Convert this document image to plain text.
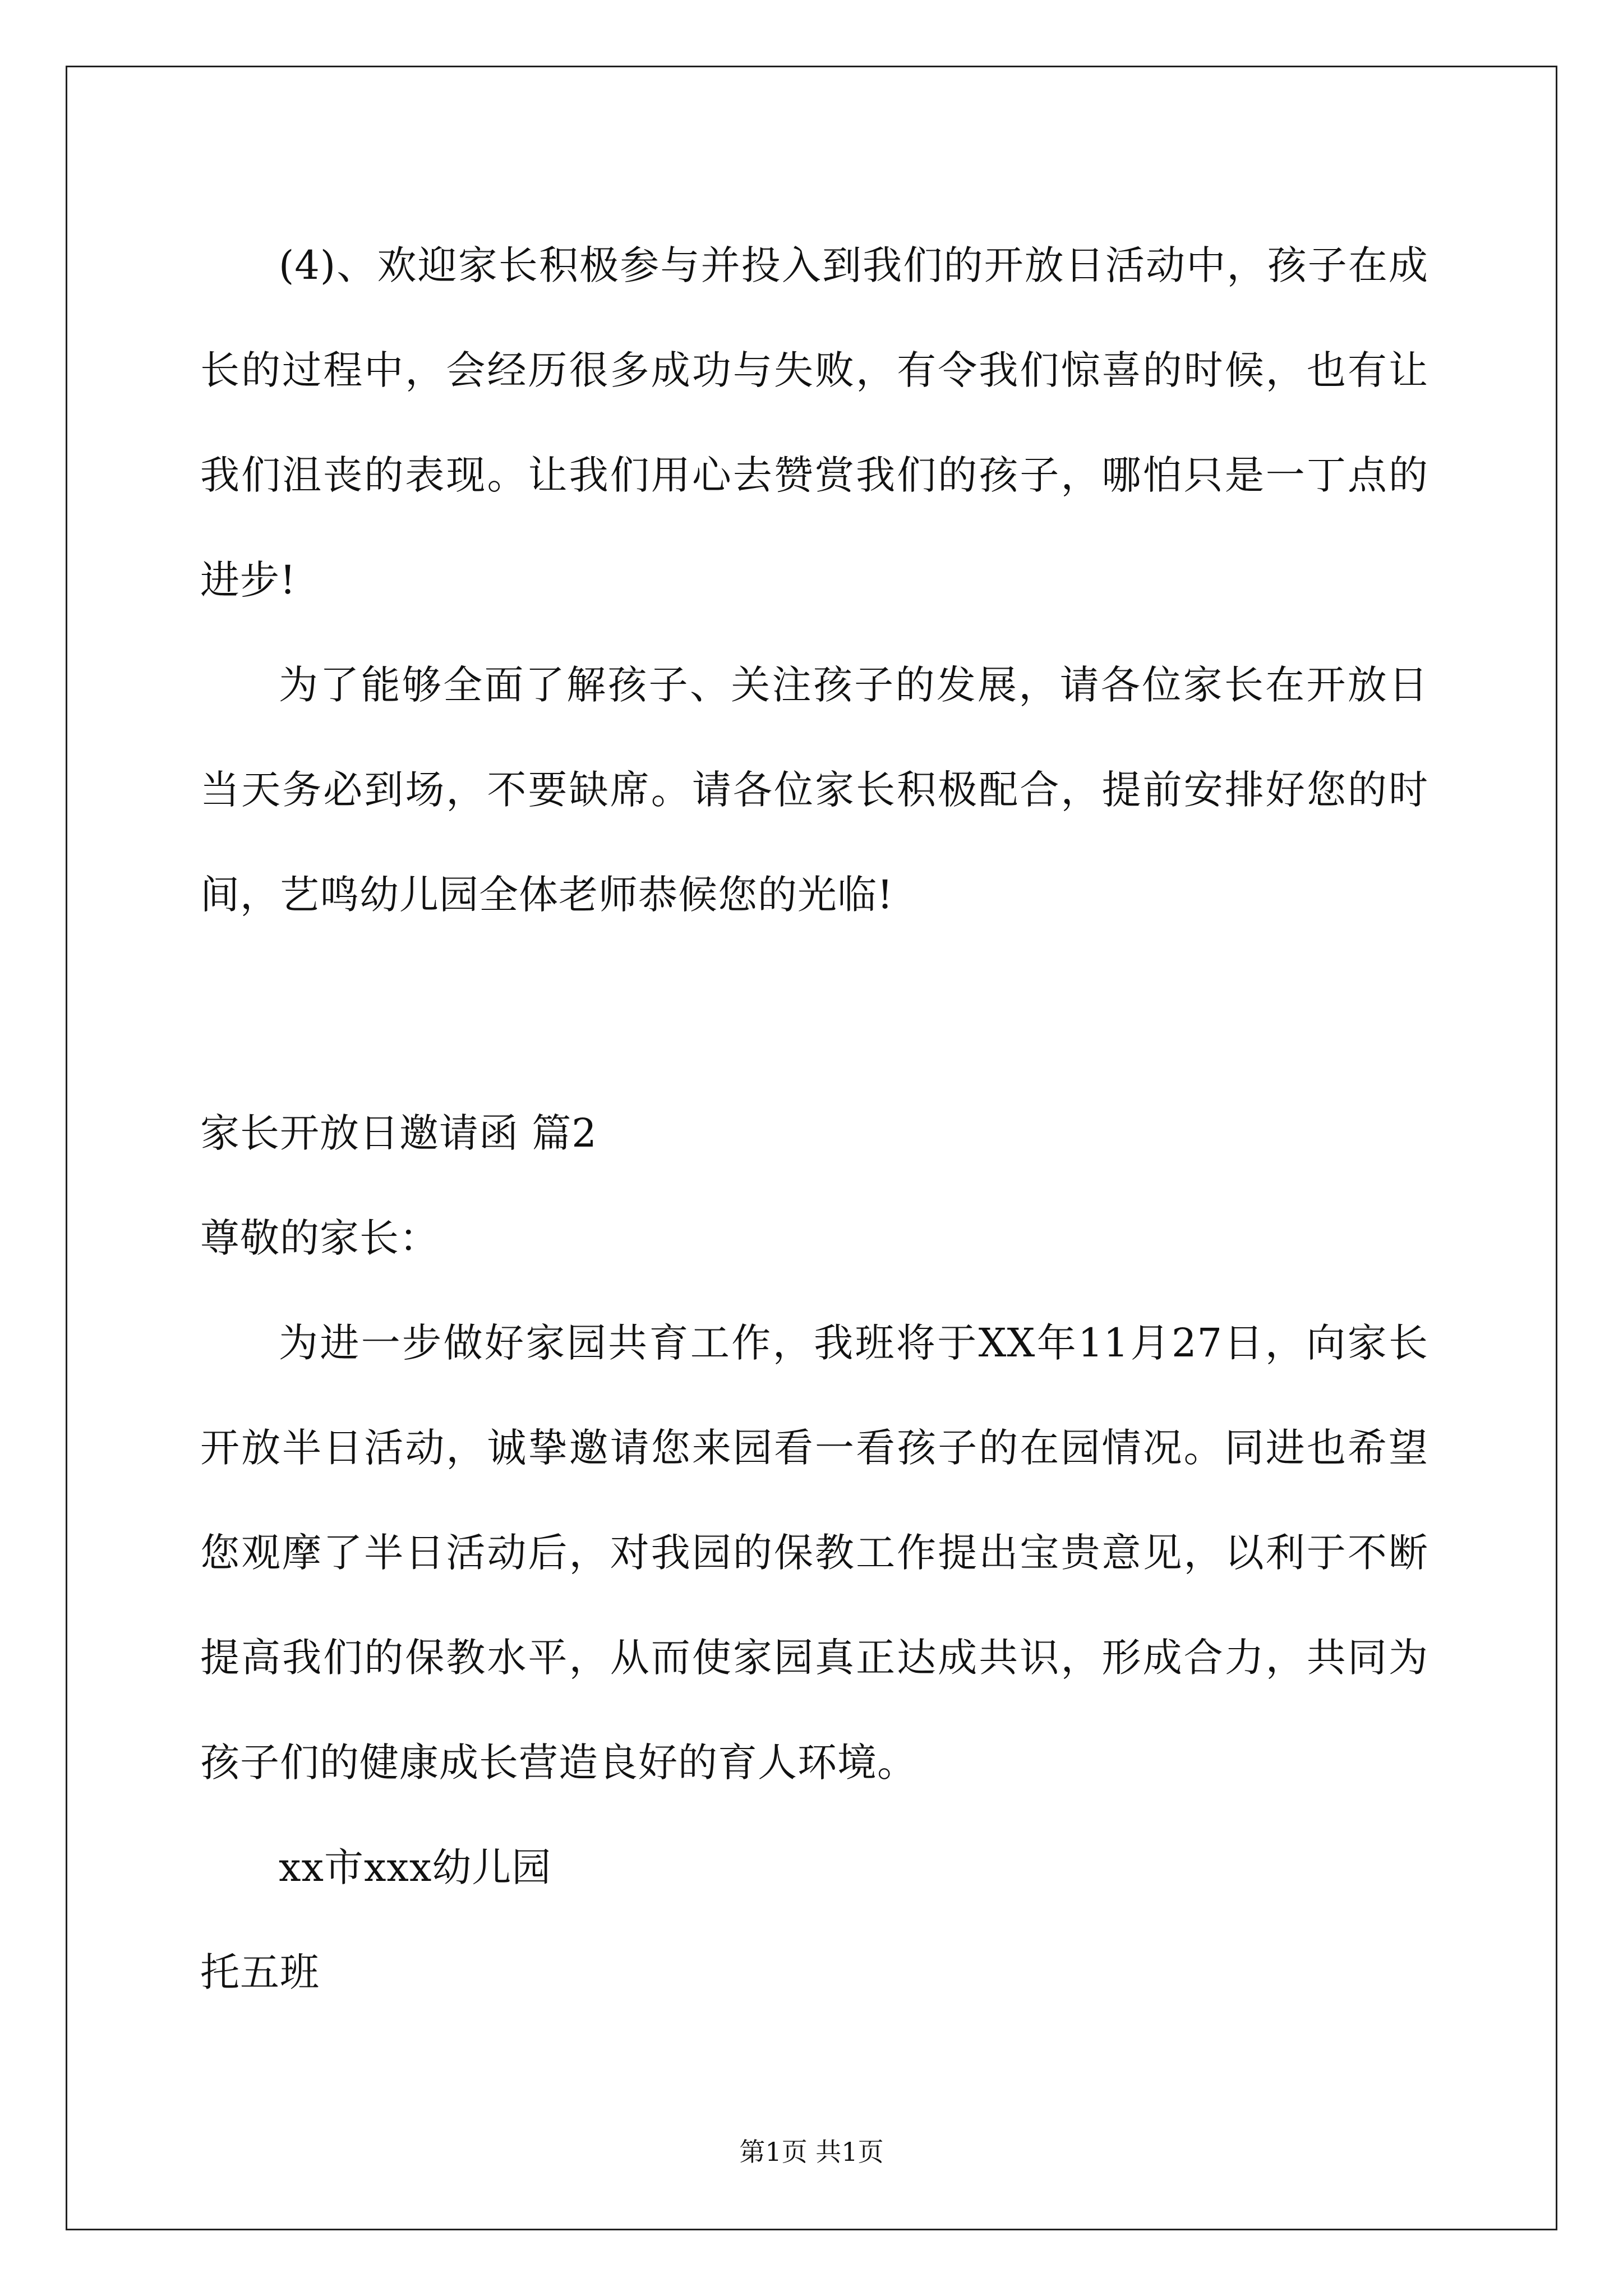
(4)、欢迎家长积极参与并投入到我们的开放日活动中，孩子在成长的过程中，会经历很多成功与失败，有令我们惊喜的时候，也有让我们沮丧的表现。让我们用心去赞赏我们的孩子，哪怕只是一丁点的进步!

为了能够全面了解孩子、关注孩子的发展，请各位家长在开放日当天务必到场，不要缺席。请各位家长积极配合，提前安排好您的时间，艺鸣幼儿园全体老师恭候您的光临!

家长开放日邀请函 篇2

尊敬的家长：

为进一步做好家园共育工作，我班将于XX年11月27日，向家长开放半日活动，诚挚邀请您来园看一看孩子的在园情况。同进也希望您观摩了半日活动后，对我园的保教工作提出宝贵意见，以利于不断提高我们的保教水平，从而使家园真正达成共识，形成合力，共同为孩子们的健康成长营造良好的育人环境。

xx市xxx幼儿园

托五班

第1页 共1页
